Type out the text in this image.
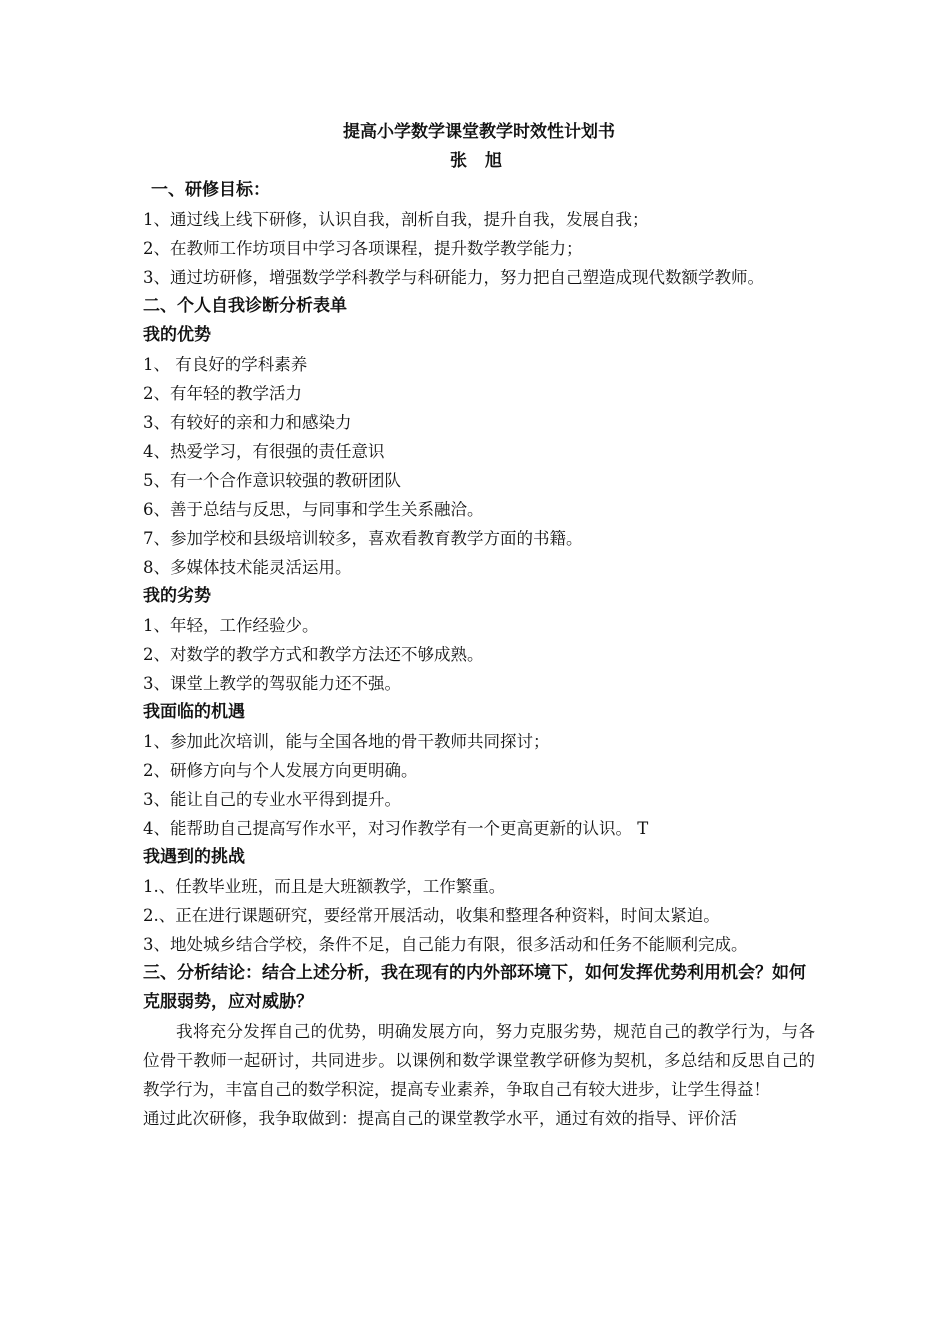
提高小学数学课堂教学时效性计划书

张 旭

一、研修目标：

1、通过线上线下研修，认识自我，剖析自我，提升自我，发展自我；

2、在教师工作坊项目中学习各项课程，提升数学教学能力；

3、通过坊研修，增强数学学科教学与科研能力，努力把自己塑造成现代数额学教师。

二、个人自我诊断分析表单

我的优势

1、 有良好的学科素养

2、有年轻的教学活力

3、有较好的亲和力和感染力

4、热爱学习，有很强的责任意识

5、有一个合作意识较强的教研团队

6、善于总结与反思，与同事和学生关系融洽。

7、参加学校和县级培训较多，喜欢看教育教学方面的书籍。

8、多媒体技术能灵活运用。

我的劣势

1、年轻，工作经验少。

2、对数学的教学方式和教学方法还不够成熟。

3、课堂上教学的驾驭能力还不强。

我面临的机遇

1、参加此次培训，能与全国各地的骨干教师共同探讨；

2、研修方向与个人发展方向更明确。

3、能让自己的专业水平得到提升。

4、能帮助自己提高写作水平，对习作教学有一个更高更新的认识。 T

我遇到的挑战

1.、任教毕业班，而且是大班额教学，工作繁重。

2.、正在进行课题研究，要经常开展活动，收集和整理各种资料，时间太紧迫。

3、地处城乡结合学校，条件不足，自己能力有限，很多活动和任务不能顺利完成。

三、分析结论：结合上述分析，我在现有的内外部环境下，如何发挥优势利用机会？如何克服弱势，应对威胁？

我将充分发挥自己的优势，明确发展方向，努力克服劣势，规范自己的教学行为，与各位骨干教师一起研讨，共同进步。以课例和数学课堂教学研修为契机，多总结和反思自己的教学行为，丰富自己的数学积淀，提高专业素养，争取自己有较大进步，让学生得益！

通过此次研修，我争取做到：提高自己的课堂教学水平，通过有效的指导、评价活
